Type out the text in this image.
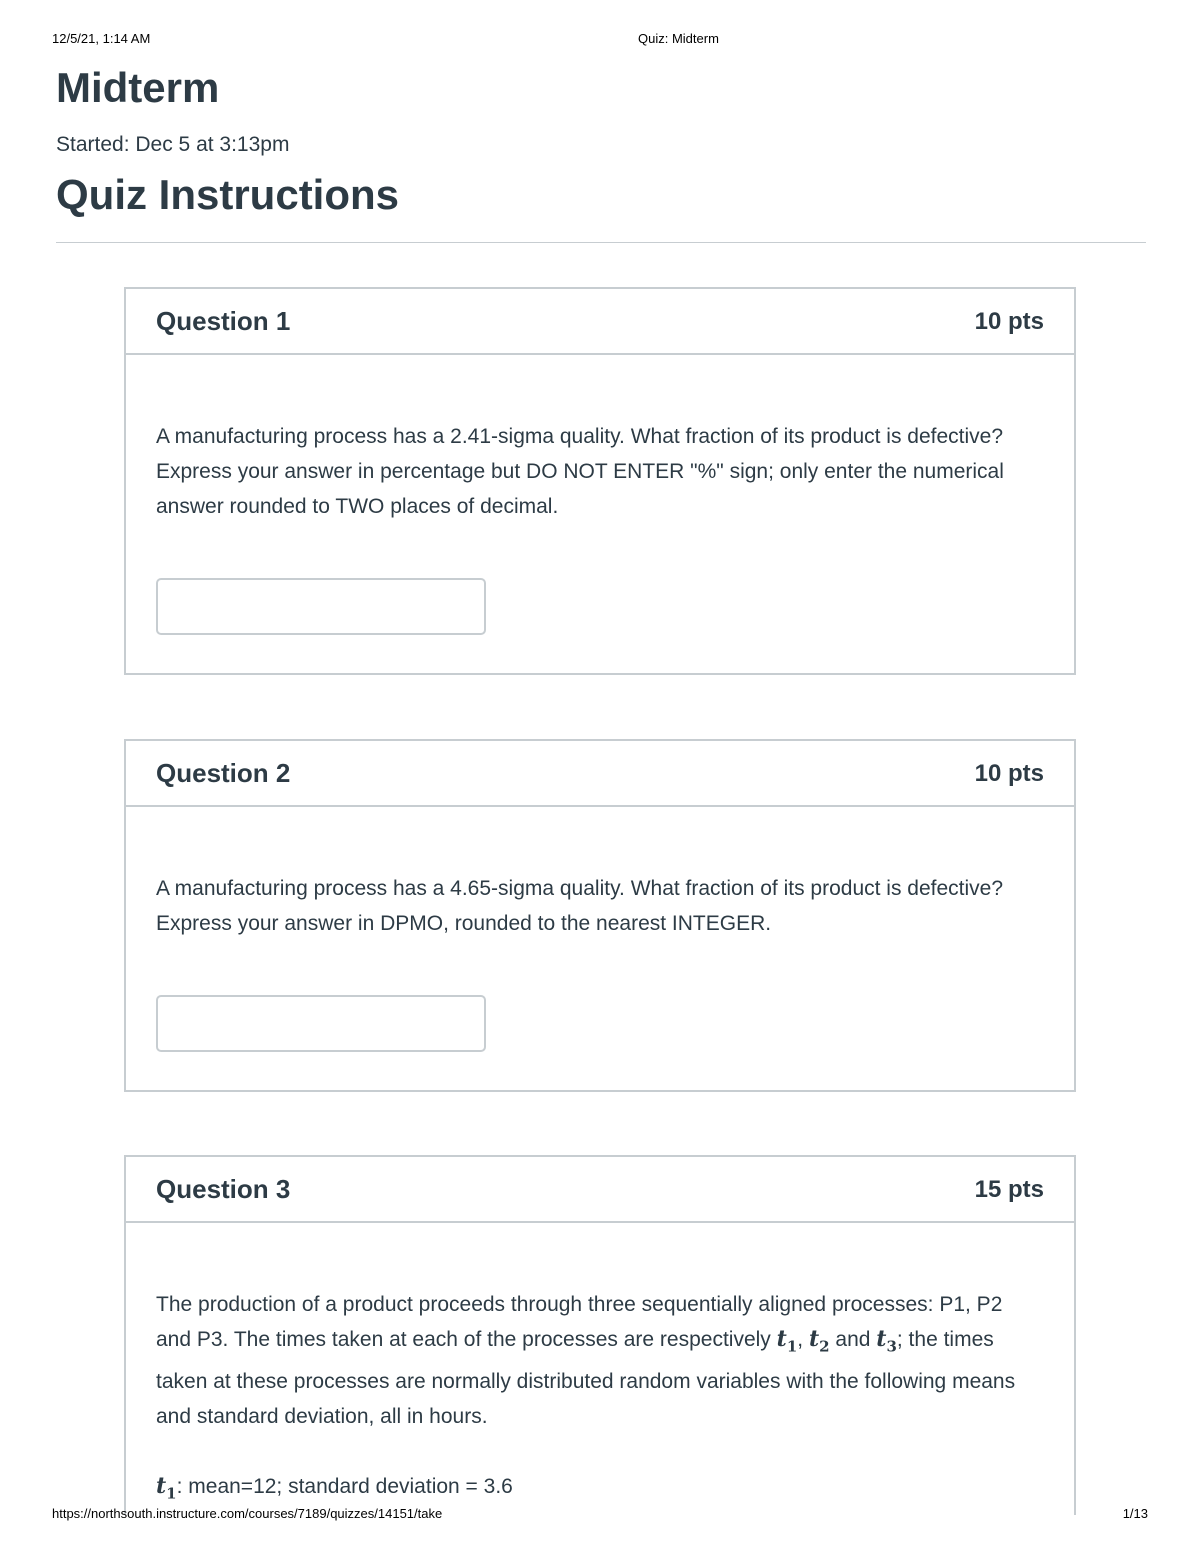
12/5/21, 1:14 AM	Quiz: Midterm
Midterm
Started: Dec 5 at 3:13pm
Quiz Instructions
Question 1	10 pts

A manufacturing process has a 2.41-sigma quality. What fraction of its product is defective? Express your answer in percentage but DO NOT ENTER "%" sign; only enter the numerical answer rounded to TWO places of decimal.

Question 2	10 pts

A manufacturing process has a 4.65-sigma quality. What fraction of its product is defective? Express your answer in DPMO, rounded to the nearest INTEGER.

Question 3	15 pts

The production of a product proceeds through three sequentially aligned processes: P1, P2 and P3. The times taken at each of the processes are respectively $t_1$, $t_2$ and $t_3$; the times taken at these processes are normally distributed random variables with the following means and standard deviation, all in hours.

$t_1$: mean=12; standard deviation = 3.6

https://northsouth.instructure.com/courses/7189/quizzes/14151/take	1/13
